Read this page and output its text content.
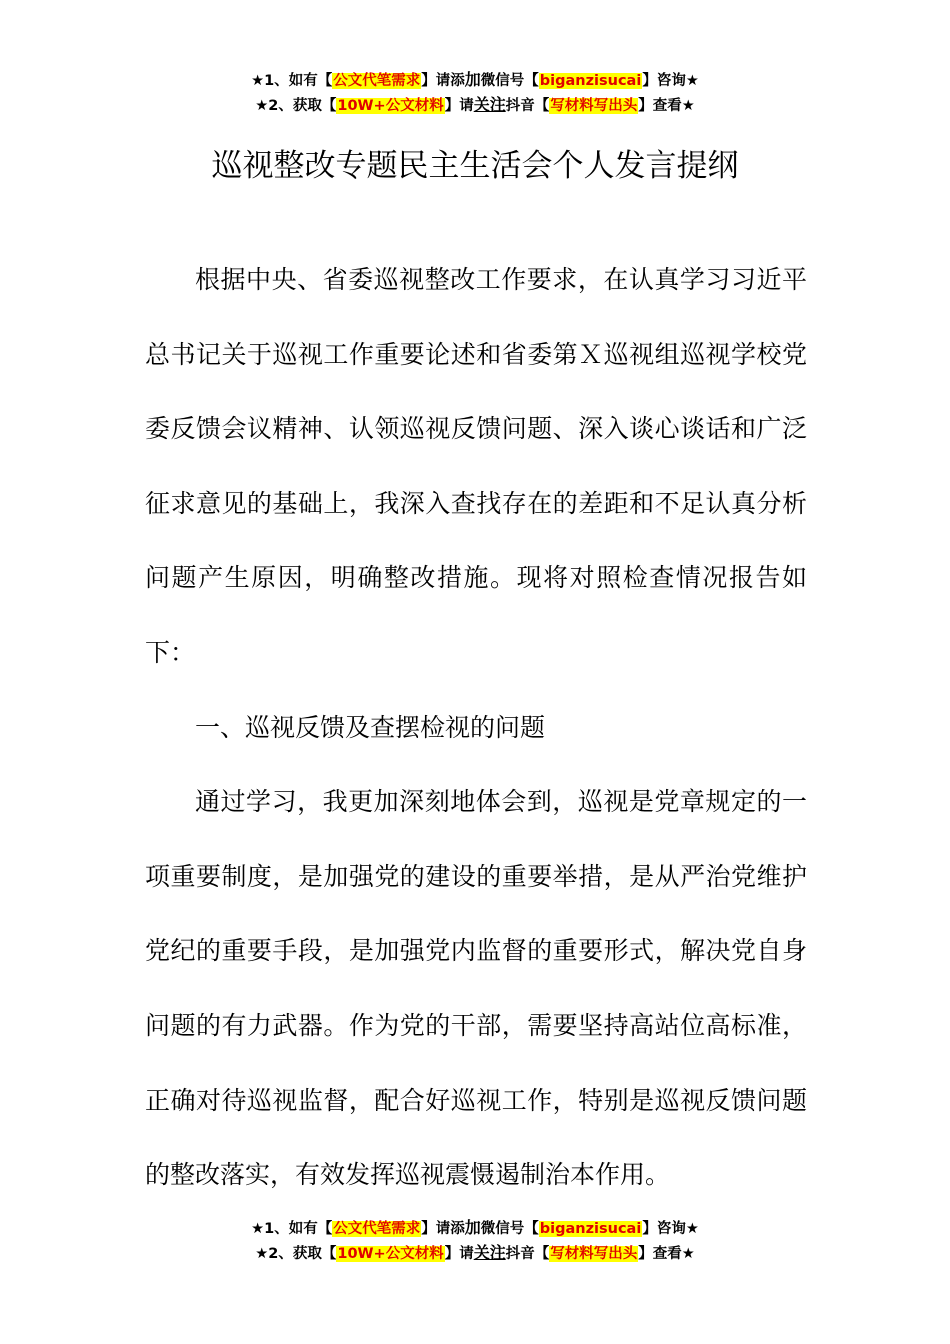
★1、如有【公文代笔需求】请添加微信号【biganzisucai】咨询★
★2、获取【10W+公文材料】请关注抖音【写材料写出头】查看★
巡视整改专题民主生活会个人发言提纲

根据中央、省委巡视整改工作要求，在认真学习习近平总书记关于巡视工作重要论述和省委第Ｘ巡视组巡视学校党委反馈会议精神、认领巡视反馈问题、深入谈心谈话和广泛征求意见的基础上，我深入查找存在的差距和不足认真分析问题产生原因，明确整改措施。现将对照检查情况报告如下：

一、巡视反馈及查摆检视的问题

通过学习，我更加深刻地体会到，巡视是党章规定的一项重要制度，是加强党的建设的重要举措，是从严治党维护党纪的重要手段，是加强党内监督的重要形式，解决党自身问题的有力武器。作为党的干部，需要坚持高站位高标准，正确对待巡视监督，配合好巡视工作，特别是巡视反馈问题的整改落实，有效发挥巡视震慑遏制治本作用。

★1、如有【公文代笔需求】请添加微信号【biganzisucai】咨询★
★2、获取【10W+公文材料】请关注抖音【写材料写出头】查看★
